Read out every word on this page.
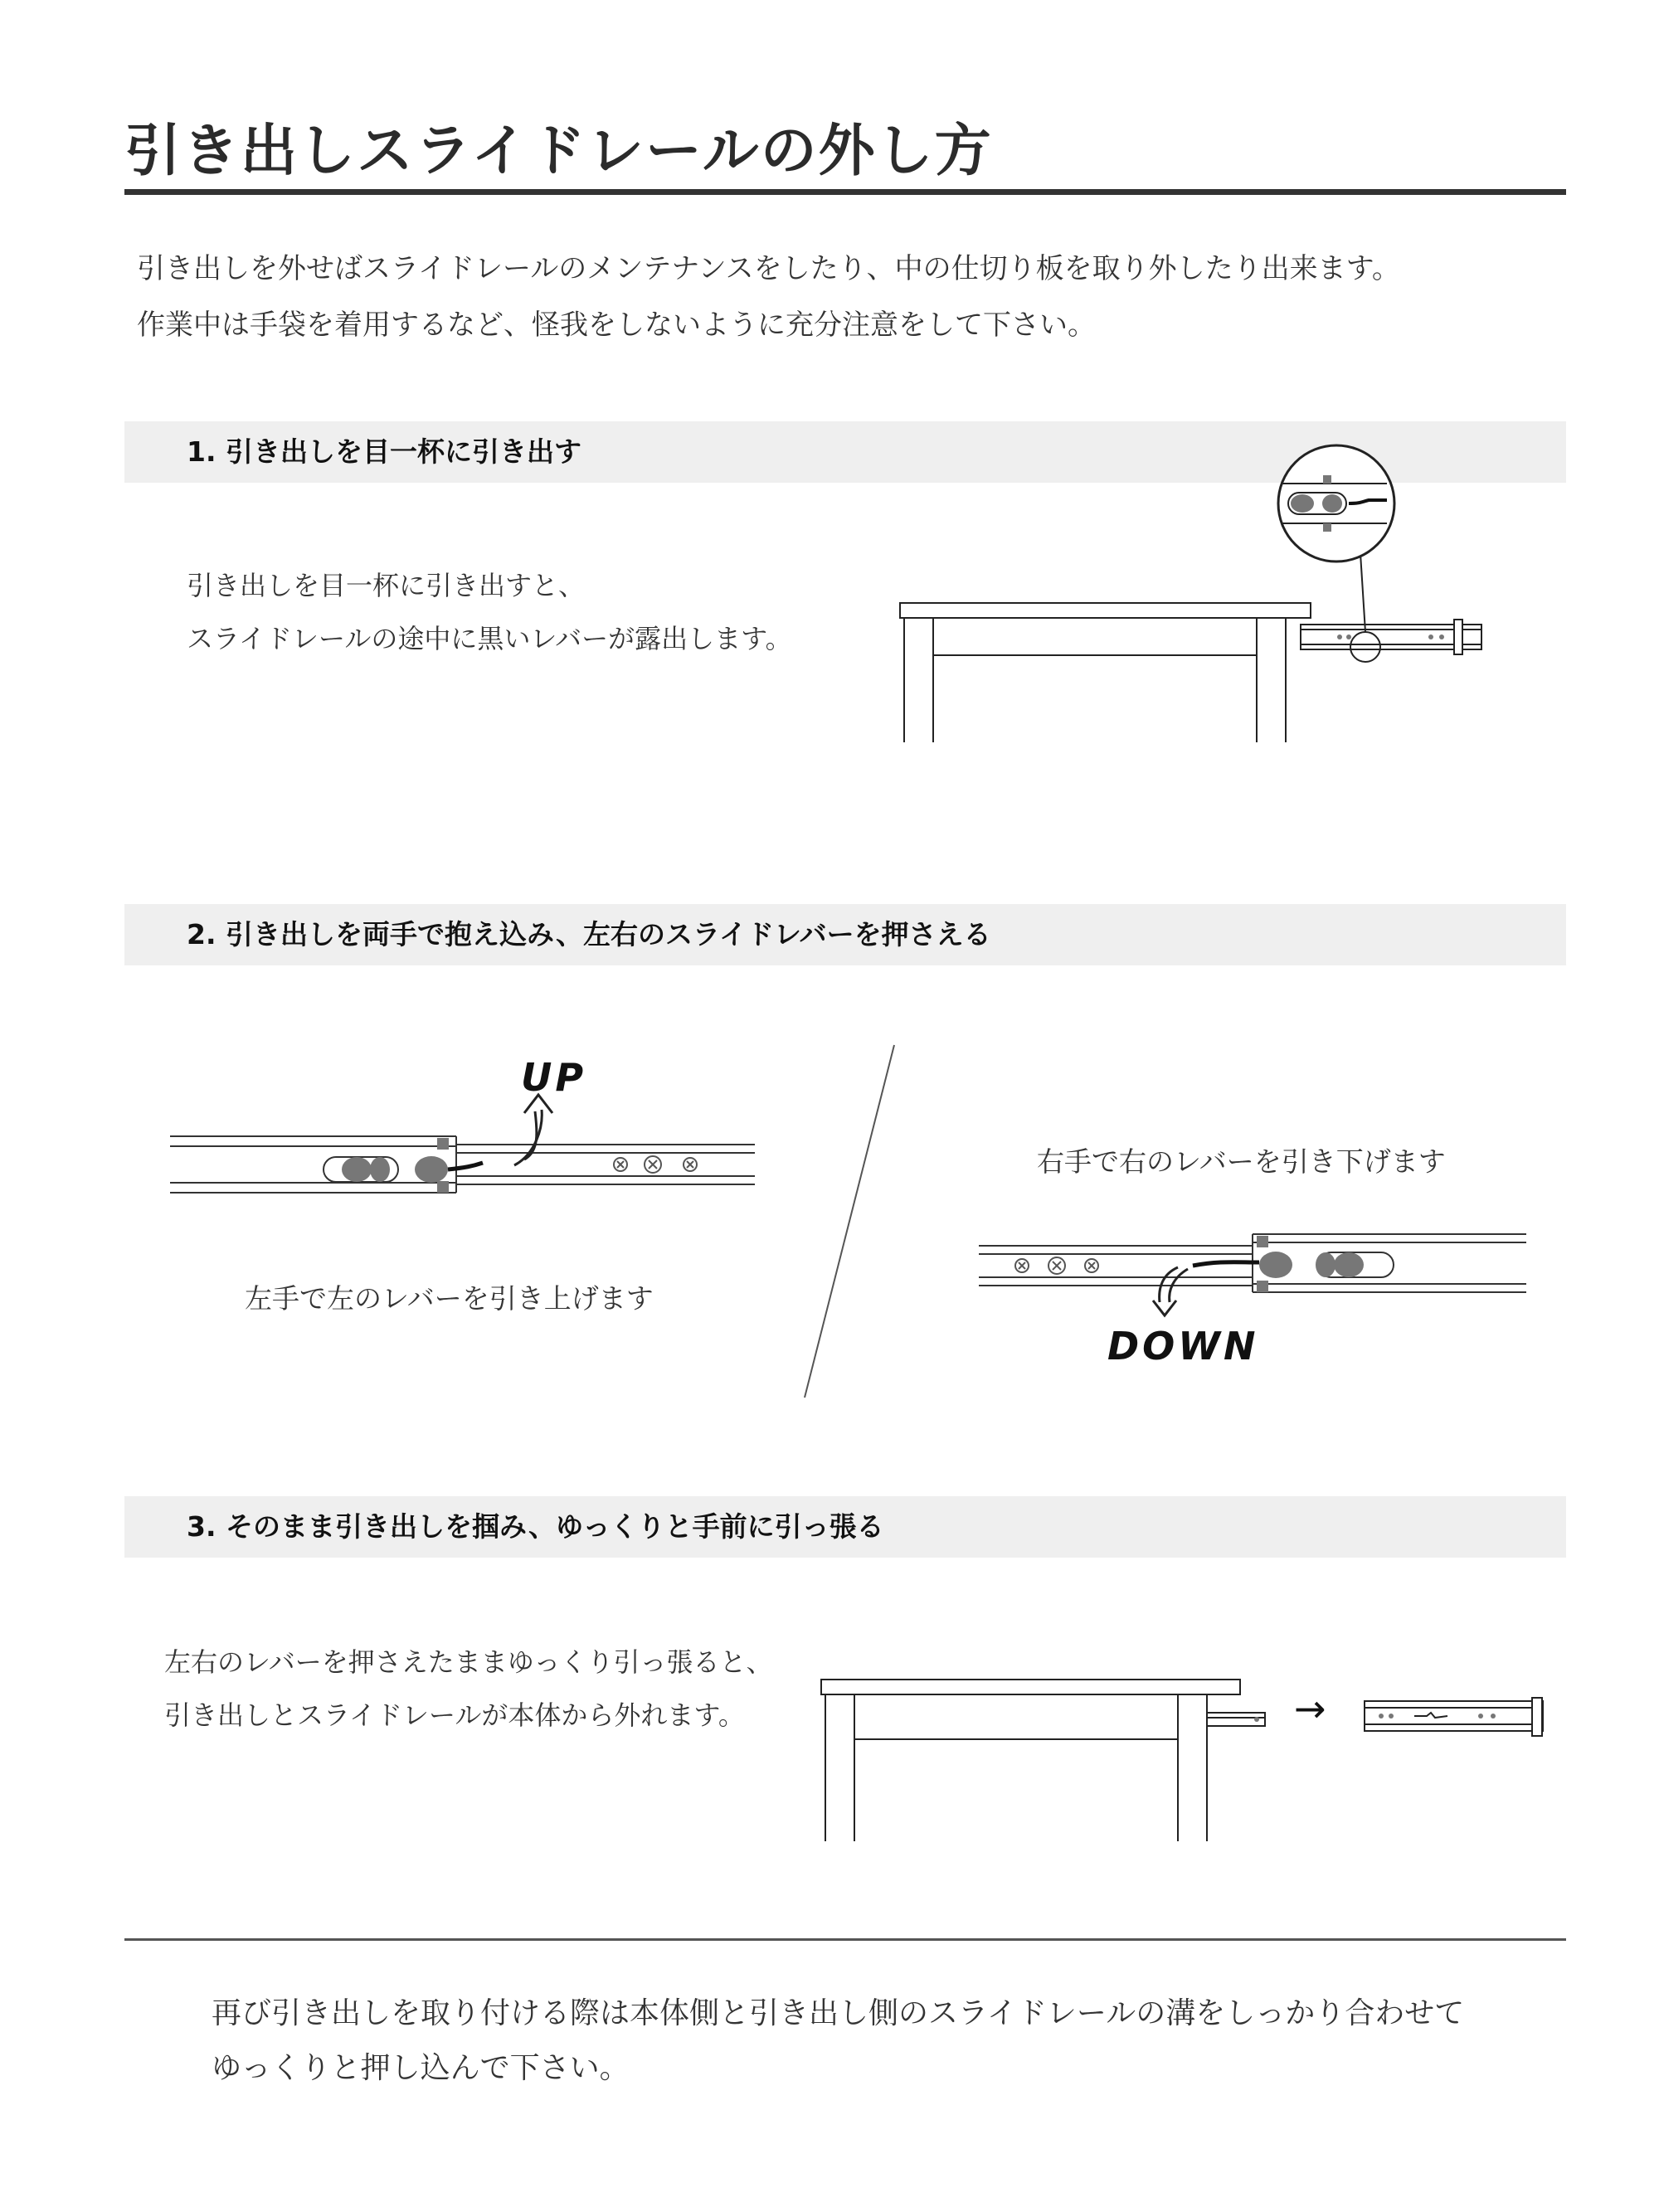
引き出しスライドレールの外し方
引き出しを外せばスライドレールのメンテナンスをしたり、中の仕切り板を取り外したり出来ます。
作業中は手袋を着用するなど、怪我をしないように充分注意をして下さい。
1. 引き出しを目一杯に引き出す
引き出しを目一杯に引き出すと、
スライドレールの途中に黒いレバーが露出します。
2. 引き出しを両手で抱え込み、左右のスライドレバーを押さえる
UP
左手で左のレバーを引き上げます
右手で右のレバーを引き下げます
DOWN
3. そのまま引き出しを掴み、ゆっくりと手前に引っ張る
左右のレバーを押さえたままゆっくり引っ張ると、
引き出しとスライドレールが本体から外れます。	→
再び引き出しを取り付ける際は本体側と引き出し側のスライドレールの溝をしっかり合わせて
ゆっくりと押し込んで下さい。
